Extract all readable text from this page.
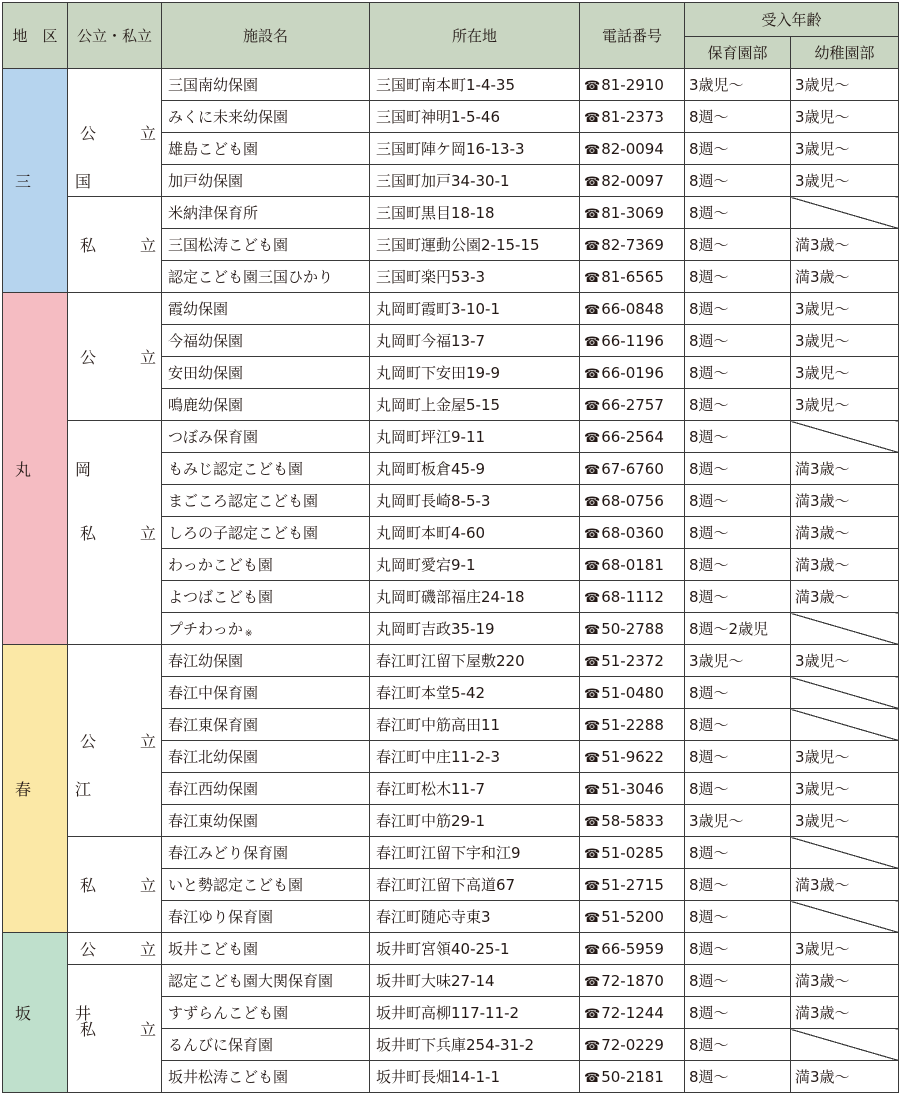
地　区	公立・私立	施設名	所在地	電話番号	受入年齢	
					保育園部	幼稚園部
三　国	公　立	三国南幼保園	三国町南本町1-4-35	☎81-2910	3歳児～	3歳児～
		みくに未来幼保園	三国町神明1-5-46	☎81-2373	8週～	3歳児～
		雄島こども園	三国町陣ケ岡16-13-3	☎82-0094	8週～	3歳児～
		加戸幼保園	三国町加戸34-30-1	☎82-0097	8週～	3歳児～
	私　立	米納津保育所	三国町黒目18-18	☎81-3069	8週～	
		三国松涛こども園	三国町運動公園2-15-15	☎82-7369	8週～	満3歳～
		認定こども園三国ひかり	三国町楽円53-3	☎81-6565	8週～	満3歳～
丸　岡	公　立	霞幼保園	丸岡町霞町3-10-1	☎66-0848	8週～	3歳児～
		今福幼保園	丸岡町今福13-7	☎66-1196	8週～	3歳児～
		安田幼保園	丸岡町下安田19-9	☎66-0196	8週～	3歳児～
		鳴鹿幼保園	丸岡町上金屋5-15	☎66-2757	8週～	3歳児～
	私　立	つぼみ保育園	丸岡町坪江9-11	☎66-2564	8週～	
		もみじ認定こども園	丸岡町板倉45-9	☎67-6760	8週～	満3歳～
		まごころ認定こども園	丸岡町長崎8-5-3	☎68-0756	8週～	満3歳～
		しろの子認定こども園	丸岡町本町4-60	☎68-0360	8週～	満3歳～
		わっかこども園	丸岡町愛宕9-1	☎68-0181	8週～	満3歳～
		よつばこども園	丸岡町磯部福庄24-18	☎68-1112	8週～	満3歳～
		プチわっか ※	丸岡町吉政35-19	☎50-2788	8週～2歳児	
春　江	公　立	春江幼保園	春江町江留下屋敷220	☎51-2372	3歳児～	3歳児～
		春江中保育園	春江町本堂5-42	☎51-0480	8週～	
		春江東保育園	春江町中筋高田11	☎51-2288	8週～	
		春江北幼保園	春江町中庄11-2-3	☎51-9622	8週～	3歳児～
		春江西幼保園	春江町松木11-7	☎51-3046	8週～	3歳児～
		春江東幼保園	春江町中筋29-1	☎58-5833	3歳児～	3歳児～
	私　立	春江みどり保育園	春江町江留下宇和江9	☎51-0285	8週～	
		いと勢認定こども園	春江町江留下高道67	☎51-2715	8週～	満3歳～
		春江ゆり保育園	春江町随応寺東3	☎51-5200	8週～	
坂　井	公　立	坂井こども園	坂井町宮領40-25-1	☎66-5959	8週～	3歳児～
	私　立	認定こども園大関保育園	坂井町大味27-14	☎72-1870	8週～	満3歳～
		すずらんこども園	坂井町高柳117-11-2	☎72-1244	8週～	満3歳～
		るんびに保育園	坂井町下兵庫254-31-2	☎72-0229	8週～	
		坂井松涛こども園	坂井町長畑14-1-1	☎50-2181	8週～	満3歳～
